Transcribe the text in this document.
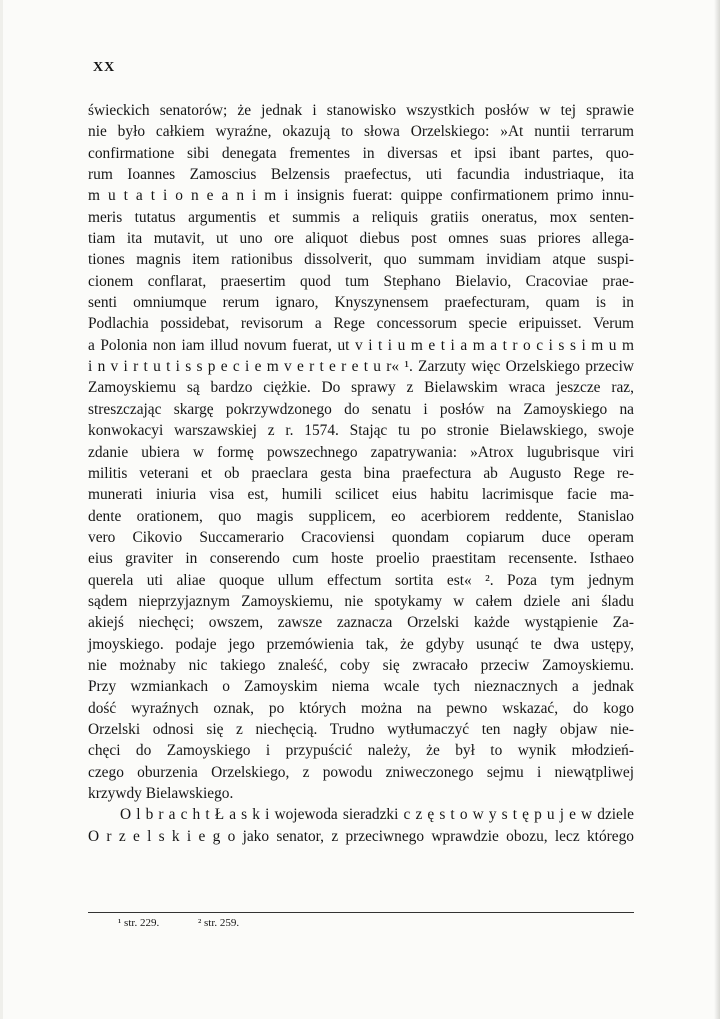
XX
świeckich senatorów; że jednak i stanowisko wszystkich posłów w tej sprawie
nie było całkiem wyraźne, okazują to słowa Orzelskiego: »At nuntii terrarum
confirmatione sibi denegata frementes in diversas et ipsi ibant partes, quo-
rum Ioannes Zamoscius Belzensis praefectus, uti facundia industriaque, ita
m u t a t i o n e a n i m i insignis fuerat: quippe confirmationem primo innu-
meris tutatus argumentis et summis a reliquis gratiis oneratus, mox senten-
tiam ita mutavit, ut uno ore aliquot diebus post omnes suas priores allega-
tiones magnis item rationibus dissolverit, quo summam invidiam atque suspi-
cionem conflarat, praesertim quod tum Stephano Bielavio, Cracoviae prae-
senti omniumque rerum ignaro, Knyszynensem praefecturam, quam is in
Podlachia possidebat, revisorum a Rege concessorum specie eripuisset. Verum
a Polonia non iam illud novum fuerat, ut v i t i u m e t i a m a t r o c i s s i m u m
i n v i r t u t i s s p e c i e m v e r t e r e t u r« ¹. Zarzuty więc Orzelskiego przeciw
Zamoyskiemu są bardzo ciężkie. Do sprawy z Bielawskim wraca jeszcze raz,
streszczając skargę pokrzywdzonego do senatu i posłów na Zamoyskiego na
konwokacyi warszawskiej z r. 1574. Stając tu po stronie Bielawskiego, swoje
zdanie ubiera w formę powszechnego zapatrywania: »Atrox lugubrisque viri
militis veterani et ob praeclara gesta bina praefectura ab Augusto Rege re-
munerati iniuria visa est, humili scilicet eius habitu lacrimisque facie ma-
dente orationem, quo magis supplicem, eo acerbiorem reddente, Stanislao
vero Cikovio Succamerario Cracoviensi quondam copiarum duce operam
eius graviter in conserendo cum hoste proelio praestitam recensente. Isthaeo
querela uti aliae quoque ullum effectum sortita est« ². Poza tym jednym
sądem nieprzyjaznym Zamoyskiemu, nie spotykamy w całem dziele ani śladu
akiejś niechęci; owszem, zawsze zaznacza Orzelski każde wystąpienie Za-
jmoyskiego. podaje jego przemówienia tak, że gdyby usunąć te dwa ustępy,
nie możnaby nic takiego znaleść, coby się zwracało przeciw Zamoyskiemu.
Przy wzmiankach o Zamoyskim niema wcale tych nieznacznych a jednak
dość wyraźnych oznak, po których można na pewno wskazać, do kogo
Orzelski odnosi się z niechęcią. Trudno wytłumaczyć ten nagły objaw nie-
chęci do Zamoyskiego i przypuścić należy, że był to wynik młodzień-
czego oburzenia Orzelskiego, z powodu zniweczonego sejmu i niewątpliwej
krzywdy Bielawskiego.
O l b r a c h t Ł a s k i wojewoda sieradzki c z ę s t o w y s t ę p u j e w dziele
O r z e l s k i e g o jako senator, z przeciwnego wprawdzie obozu, lecz którego
¹ str. 229.	² str. 259.
